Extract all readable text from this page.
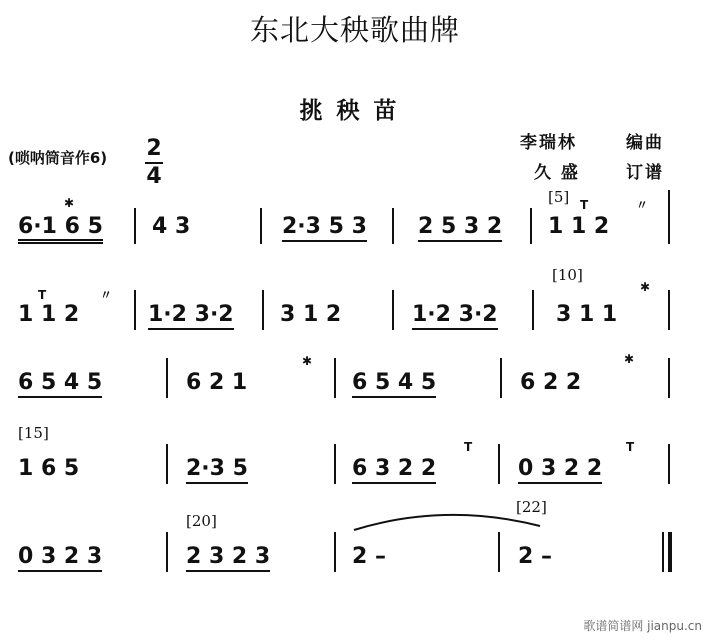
东北大秧歌曲牌
挑秧苗
(唢呐筒音作6) 2
4
李瑞林	编曲
久 盛	订谱
[5]
[10]
[15]
[20]
[22]
6·1 6 5 4 3	2·3 5 3 2 5 3 2 1 1 2
1 1 2	1·2 3·2 3 1 2	1·2 3·2	3 1 1
6 5 4 5	6 2 1	6 5 4 5	6 2 2
1 6 5	2·3 5	6 3 2 2	0 3 2 2
0 3 2 3	2 3 2 3	2 –	2 –
✱	T	〃
T	〃
✱
✱	✱
T	T
歌谱简谱网 jianpu.cn
